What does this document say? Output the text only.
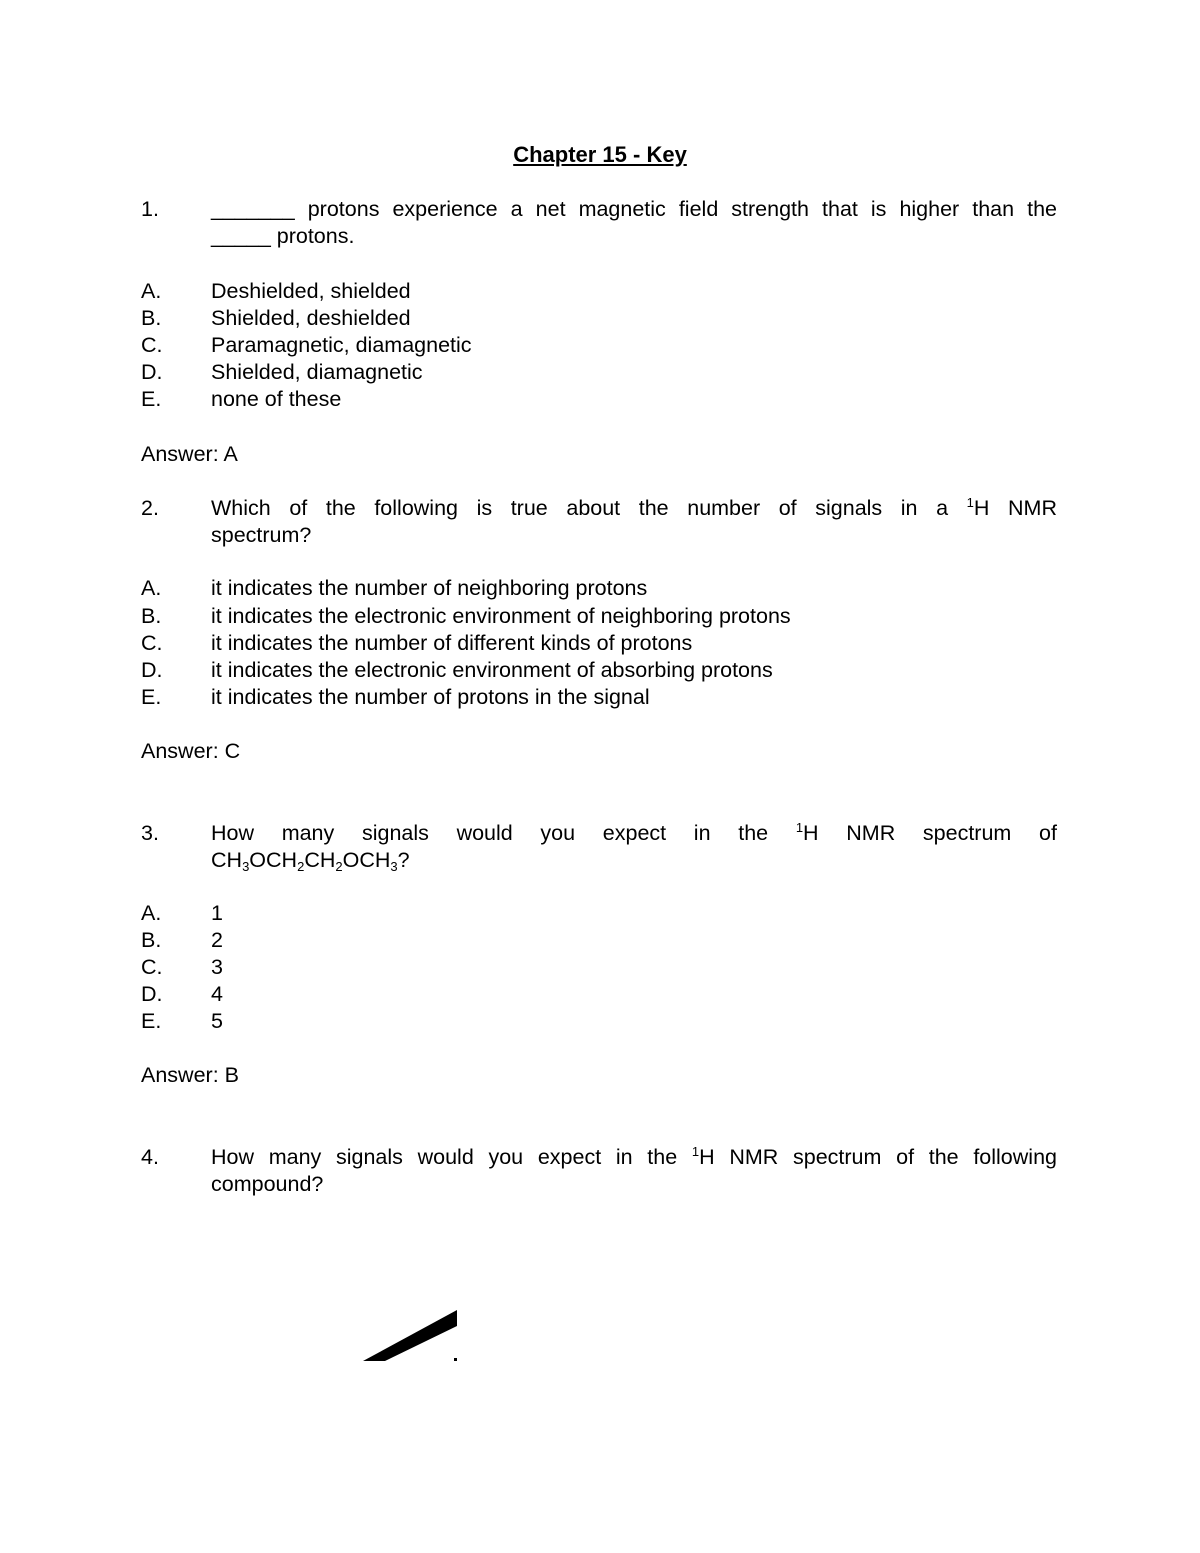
Chapter 15 - Key
1. _______ protons experience a net magnetic field strength that is higher than the
_____ protons.
A. Deshielded, shielded
B. Shielded, deshielded
C. Paramagnetic, diamagnetic
D. Shielded, diamagnetic
E. none of these
Answer: A
2. Which of the following is true about the number of signals in a $^1$H NMR
spectrum?
A. it indicates the number of neighboring protons
B. it indicates the electronic environment of neighboring protons
C. it indicates the number of different kinds of protons
D. it indicates the electronic environment of absorbing protons
E. it indicates the number of protons in the signal
Answer: C
3. How many signals would you expect in the $^1$H NMR spectrum of
$CH_3OCH_2CH_2OCH_3$?
A. 1
B. 2
C. 3
D. 4
E. 5
Answer: B
4. How many signals would you expect in the $^1$H NMR spectrum of the following
compound?
